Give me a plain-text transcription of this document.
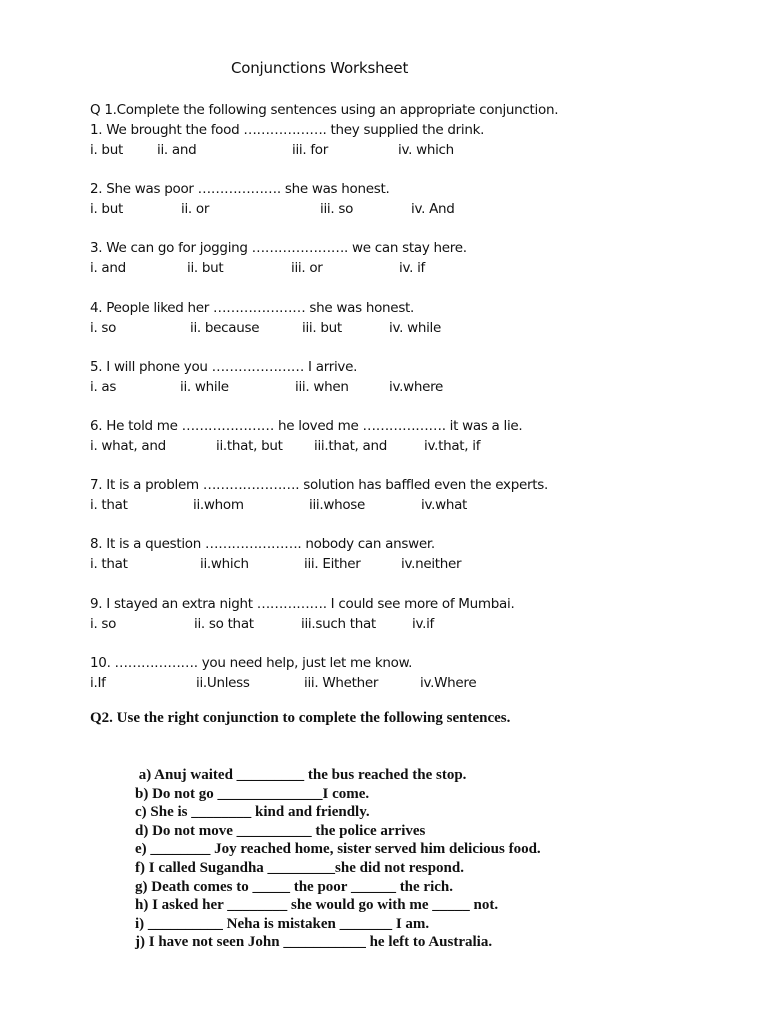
Conjunctions Worksheet
Q 1.Complete the following sentences using an appropriate conjunction.
1. We brought the food ………………. they supplied the drink.
i. but	ii. and	iii. for	iv. which
2. She was poor ………………. she was honest.
i. but	ii. or	iii. so	iv. And
3. We can go for jogging …………………. we can stay here.
i. and	ii. but	iii. or	iv. if
4. People liked her ………………… she was honest.
i. so	ii. because	iii. but	iv. while
5. I will phone you ………………… I arrive.
i. as	ii. while	iii. when	iv.where
6. He told me ………………… he loved me ………………. it was a lie.
i. what, and	ii.that, but iii.that, and	iv.that, if
7. It is a problem …………………. solution has baffled even the experts.
i. that	ii.whom	iii.whose	iv.what
8. It is a question …………………. nobody can answer.
i. that	ii.which	iii. Either	iv.neither
9. I stayed an extra night ……………. I could see more of Mumbai.
i. so	ii. so that	iii.such that	iv.if
10. ………………. you need help, just let me know.
i.If	ii.Unless	iii. Whether	iv.Where
Q2. Use the right conjunction to complete the following sentences.
a) Anuj waited _________ the bus reached the stop.
b) Do not go ______________I come.
c) She is ________ kind and friendly.
d) Do not move __________ the police arrives
e) ________ Joy reached home, sister served him delicious food.
f) I called Sugandha _________she did not respond.
g) Death comes to _____ the poor ______ the rich.
h) I asked her ________ she would go with me _____ not.
i) __________ Neha is mistaken _______ I am.
j) I have not seen John ___________ he left to Australia.
